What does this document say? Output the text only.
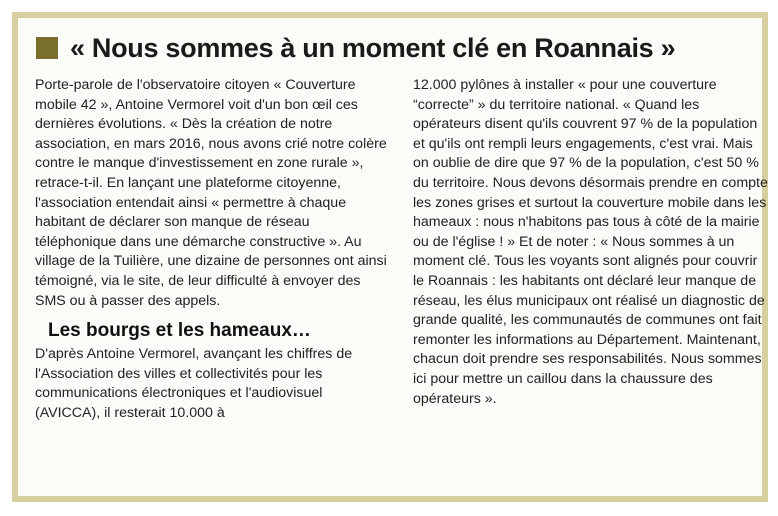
« Nous sommes à un moment clé en Roannais »

Porte-parole de l'observatoire citoyen « Couverture mobile 42 », Antoine Vermorel voit d'un bon œil ces dernières évolutions. « Dès la création de notre association, en mars 2016, nous avons crié notre colère contre le manque d'investissement en zone rurale », retrace-t-il. En lançant une plateforme citoyenne, l'association entendait ainsi « permettre à chaque habitant de déclarer son manque de réseau téléphonique dans une démarche constructive ». Au village de la Tuilière, une dizaine de personnes ont ainsi témoigné, via le site, de leur difficulté à envoyer des SMS ou à passer des appels.

Les bourgs et les hameaux…

D'après Antoine Vermorel, avançant les chiffres de l'Association des villes et collectivités pour les communications électroniques et l'audiovisuel (AVICCA), il resterait 10.000 à

12.000 pylônes à installer « pour une couverture “correcte” » du territoire national. « Quand les opérateurs disent qu'ils couvrent 97 % de la population et qu'ils ont rempli leurs engagements, c'est vrai. Mais on oublie de dire que 97 % de la population, c'est 50 % du territoire. Nous devons désormais prendre en compte les zones grises et surtout la couverture mobile dans les hameaux : nous n'habitons pas tous à côté de la mairie ou de l'église ! » Et de noter : « Nous sommes à un moment clé. Tous les voyants sont alignés pour couvrir le Roannais : les habitants ont déclaré leur manque de réseau, les élus municipaux ont réalisé un diagnostic de grande qualité, les communautés de communes ont fait remonter les informations au Département. Maintenant, chacun doit prendre ses responsabilités. Nous sommes ici pour mettre un caillou dans la chaussure des opérateurs ».
